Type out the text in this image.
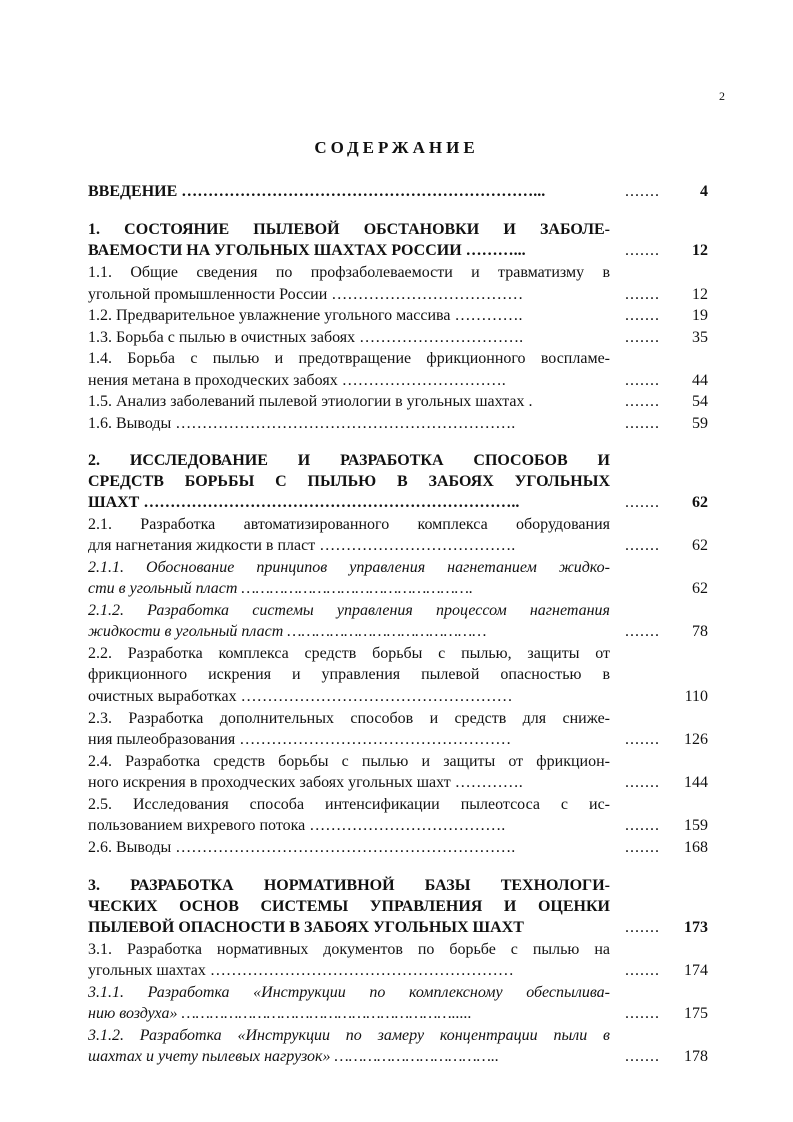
2
СОДЕРЖАНИЕ
ВВЕДЕНИЕ …………………………………………………………...	.......	4
1. СОСТОЯНИЕ ПЫЛЕВОЙ ОБСТАНОВКИ И ЗАБОЛЕ-
ВАЕМОСТИ НА УГОЛЬНЫХ ШАХТАХ РОССИИ ………...	.......	12
1.1. Общие сведения по профзаболеваемости и травматизму в
угольной промышленности России ………………………………	.......	12
1.2. Предварительное увлажнение угольного массива ………….	.......	19
1.3. Борьба с пылью в очистных забоях ………………………….	.......	35
1.4. Борьба с пылью и предотвращение фрикционного воспламе-
нения метана в проходческих забоях ………………………….	.......	44
1.5. Анализ заболеваний пылевой этиологии в угольных шахтах .	.......	54
1.6. Выводы ……………………………………………………….	.......	59
2. ИССЛЕДОВАНИЕ И РАЗРАБОТКА СПОСОБОВ И
СРЕДСТВ БОРЬБЫ С ПЫЛЬЮ В ЗАБОЯХ УГОЛЬНЫХ
ШАХТ ……………………………………………………………..	.......	62
2.1. Разработка автоматизированного комплекса оборудования
для нагнетания жидкости в пласт ……………………………….	.......	62
2.1.1. Обоснование принципов управления нагнетанием жидко-
сти в угольный пласт ………………………………………….	62
2.1.2. Разработка системы управления процессом нагнетания
жидкости в угольный пласт ……………………………………	.......	78
2.2. Разработка комплекса средств борьбы с пылью, защиты от
фрикционного искрения и управления пылевой опасностью в
очистных выработках ……………………………………………	110
2.3. Разработка дополнительных способов и средств для сниже-
ния пылеобразования ……………………………………………	.......	126
2.4. Разработка средств борьбы с пылью и защиты от фрикцион-
ного искрения в проходческих забоях угольных шахт ………….	.......	144
2.5. Исследования способа интенсификации пылеотсоса с ис-
пользованием вихревого потока ……………………………….	.......	159
2.6. Выводы ……………………………………………………….	.......	168
3. РАЗРАБОТКА НОРМАТИВНОЙ БАЗЫ ТЕХНОЛОГИ-
ЧЕСКИХ ОСНОВ СИСТЕМЫ УПРАВЛЕНИЯ И ОЦЕНКИ
ПЫЛЕВОЙ ОПАСНОСТИ В ЗАБОЯХ УГОЛЬНЫХ ШАХТ	.......	173
3.1. Разработка нормативных документов по борьбе с пылью на
угольных шахтах …………………………………………………	.......	174
3.1.1. Разработка «Инструкции по комплексному обеспылива-
нию воздуха» ………………………………………………….....	.......	175
3.1.2. Разработка «Инструкции по замеру концентрации пыли в
шахтах и учету пылевых нагрузок» ……………………………..	.......	178
